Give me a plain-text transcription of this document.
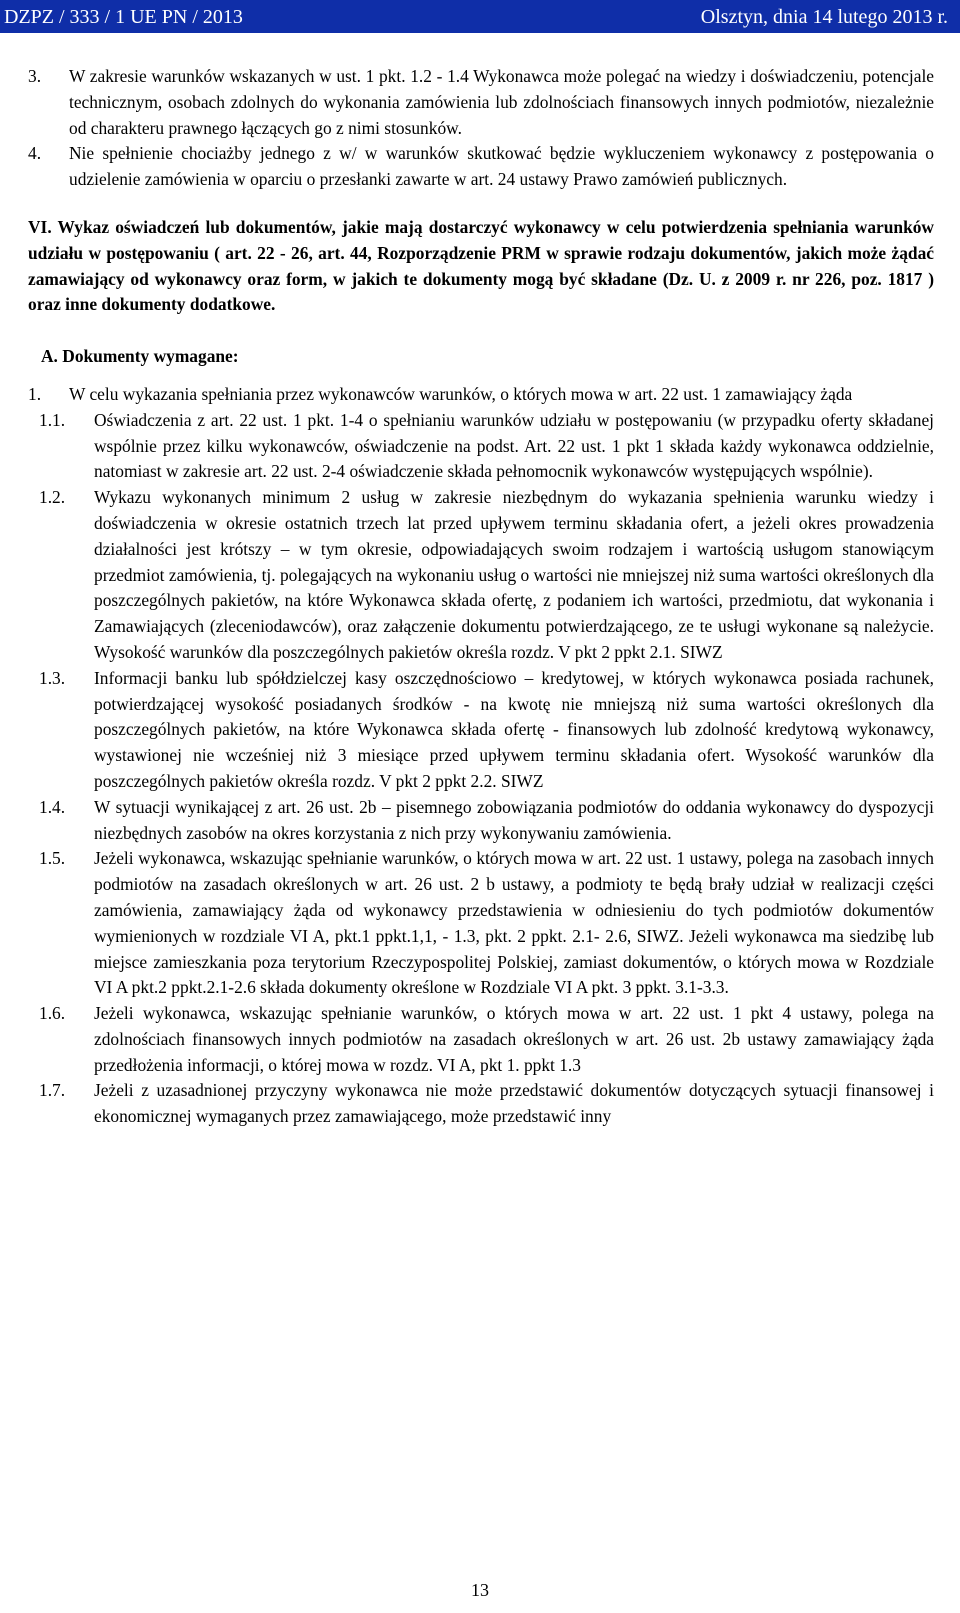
DZPZ / 333 / 1 UE PN / 2013	Olsztyn, dnia 14 lutego 2013 r.
3. W zakresie warunków wskazanych w ust. 1 pkt. 1.2 - 1.4 Wykonawca może polegać na wiedzy i doświadczeniu, potencjale technicznym, osobach zdolnych do wykonania zamówienia lub zdolnościach finansowych innych podmiotów, niezależnie od charakteru prawnego łączących go z nimi stosunków.
4. Nie spełnienie chociażby jednego z w/ w warunków skutkować będzie wykluczeniem wykonawcy z postępowania o udzielenie zamówienia w oparciu o przesłanki zawarte w art. 24 ustawy Prawo zamówień publicznych.

VI. Wykaz oświadczeń lub dokumentów, jakie mają dostarczyć wykonawcy w celu potwierdzenia spełniania warunków udziału w postępowaniu ( art. 22 - 26, art. 44, Rozporządzenie PRM w sprawie rodzaju dokumentów, jakich może żądać zamawiający od wykonawcy oraz form, w jakich te dokumenty mogą być składane (Dz. U. z 2009 r. nr 226, poz. 1817 ) oraz inne dokumenty dodatkowe.

A. Dokumenty wymagane:

1. W celu wykazania spełniania przez wykonawców warunków, o których mowa w art. 22 ust. 1 zamawiający żąda
1.1. Oświadczenia z art. 22 ust. 1 pkt. 1-4 o spełnianiu warunków udziału w postępowaniu (w przypadku oferty składanej wspólnie przez kilku wykonawców, oświadczenie na podst. Art. 22 ust. 1 pkt 1 składa każdy wykonawca oddzielnie, natomiast w zakresie art. 22 ust. 2-4 oświadczenie składa pełnomocnik wykonawców występujących wspólnie).
1.2. Wykazu wykonanych minimum 2 usług w zakresie niezbędnym do wykazania spełnienia warunku wiedzy i doświadczenia w okresie ostatnich trzech lat przed upływem terminu składania ofert, a jeżeli okres prowadzenia działalności jest krótszy – w tym okresie, odpowiadających swoim rodzajem i wartością usługom stanowiącym przedmiot zamówienia, tj. polegających na wykonaniu usług o wartości nie mniejszej niż suma wartości określonych dla poszczególnych pakietów, na które Wykonawca składa ofertę, z podaniem ich wartości, przedmiotu, dat wykonania i Zamawiających (zleceniodawców), oraz załączenie dokumentu potwierdzającego, ze te usługi wykonane są należycie. Wysokość warunków dla poszczególnych pakietów określa rozdz. V pkt 2 ppkt 2.1. SIWZ
1.3. Informacji banku lub spółdzielczej kasy oszczędnościowo – kredytowej, w których wykonawca posiada rachunek, potwierdzającej wysokość posiadanych środków - na kwotę nie mniejszą niż suma wartości określonych dla poszczególnych pakietów, na które Wykonawca składa ofertę - finansowych lub zdolność kredytową wykonawcy, wystawionej nie wcześniej niż 3 miesiące przed upływem terminu składania ofert. Wysokość warunków dla poszczególnych pakietów określa rozdz. V pkt 2 ppkt 2.2. SIWZ
1.4. W sytuacji wynikającej z art. 26 ust. 2b – pisemnego zobowiązania podmiotów do oddania wykonawcy do dyspozycji niezbędnych zasobów na okres korzystania z nich przy wykonywaniu zamówienia.
1.5. Jeżeli wykonawca, wskazując spełnianie warunków, o których mowa w art. 22 ust. 1 ustawy, polega na zasobach innych podmiotów na zasadach określonych w art. 26 ust. 2 b ustawy, a podmioty te będą brały udział w realizacji części zamówienia, zamawiający żąda od wykonawcy przedstawienia w odniesieniu do tych podmiotów dokumentów wymienionych w rozdziale VI A, pkt.1 ppkt.1,1, - 1.3, pkt. 2 ppkt. 2.1- 2.6, SIWZ. Jeżeli wykonawca ma siedzibę lub miejsce zamieszkania poza terytorium Rzeczypospolitej Polskiej, zamiast dokumentów, o których mowa w Rozdziale VI A pkt.2 ppkt.2.1-2.6 składa dokumenty określone w Rozdziale VI A pkt. 3 ppkt. 3.1-3.3.
1.6. Jeżeli wykonawca, wskazując spełnianie warunków, o których mowa w art. 22 ust. 1 pkt 4 ustawy, polega na zdolnościach finansowych innych podmiotów na zasadach określonych w art. 26 ust. 2b ustawy zamawiający żąda przedłożenia informacji, o której mowa w rozdz. VI A, pkt 1. ppkt 1.3
1.7. Jeżeli z uzasadnionej przyczyny wykonawca nie może przedstawić dokumentów dotyczących sytuacji finansowej i ekonomicznej wymaganych przez zamawiającego, może przedstawić inny
13
